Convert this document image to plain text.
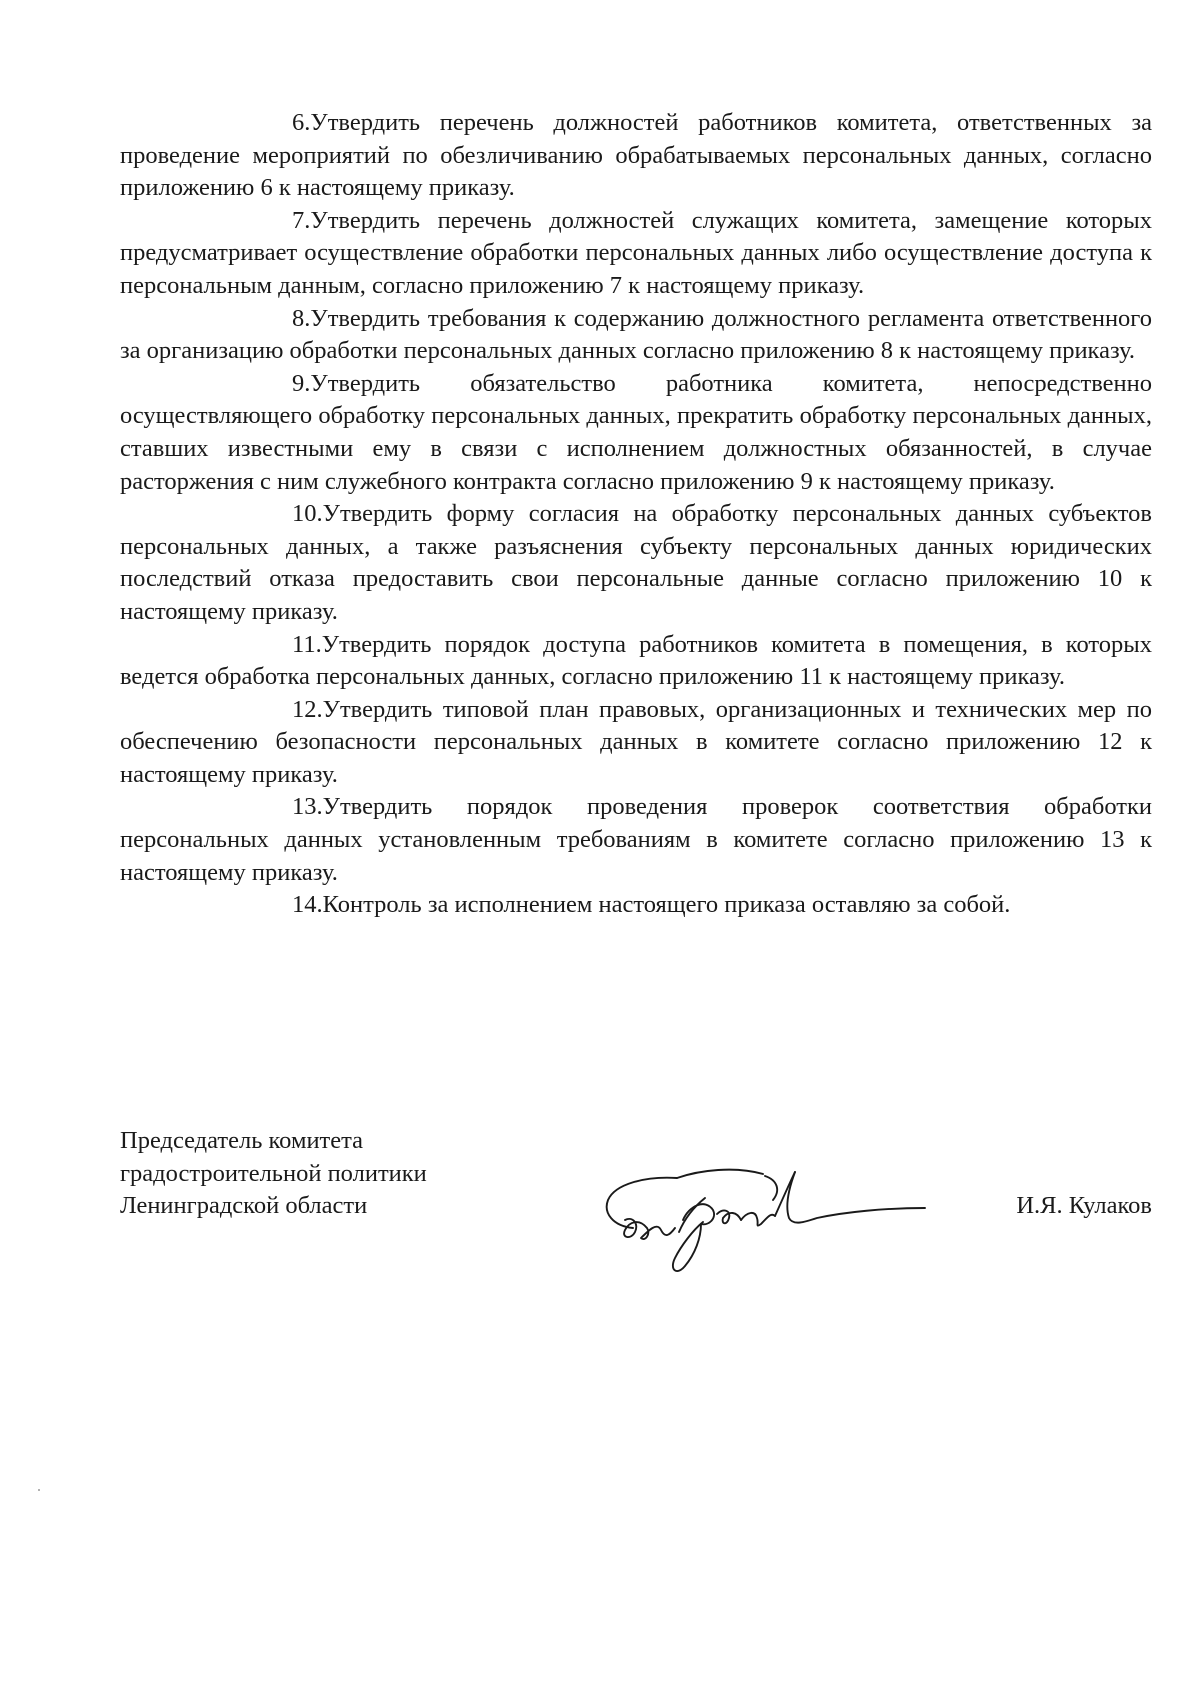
6.Утвердить перечень должностей работников комитета, ответственных за проведение мероприятий по обезличиванию обрабатываемых персональных данных, согласно приложению 6 к настоящему приказу.

7.Утвердить перечень должностей служащих комитета, замещение которых предусматривает осуществление обработки персональных данных либо осуществление доступа к персональным данным, согласно приложению 7 к настоящему приказу.

8.Утвердить требования к содержанию должностного регламента ответственного за организацию обработки персональных данных согласно приложению 8 к настоящему приказу.

9.Утвердить обязательство работника комитета, непосредственно осуществляющего обработку персональных данных, прекратить обработку персональных данных, ставших известными ему в связи с исполнением должностных обязанностей, в случае расторжения с ним служебного контракта согласно приложению 9 к настоящему приказу.

10.Утвердить форму согласия на обработку персональных данных субъектов персональных данных, а также разъяснения субъекту персональных данных юридических последствий отказа предоставить свои персональные данные согласно приложению 10 к настоящему приказу.

11.Утвердить порядок доступа работников комитета в помещения, в которых ведется обработка персональных данных, согласно приложению 11 к настоящему приказу.

12.Утвердить типовой план правовых, организационных и технических мер по обеспечению безопасности персональных данных в комитете согласно приложению 12 к настоящему приказу.

13.Утвердить порядок проведения проверок соответствия обработки персональных данных установленным требованиям в комитете согласно приложению 13 к настоящему приказу.

14.Контроль за исполнением настоящего приказа оставляю за собой.

Председатель комитета
градостроительной политики
Ленинградской области	И.Я. Кулаков
